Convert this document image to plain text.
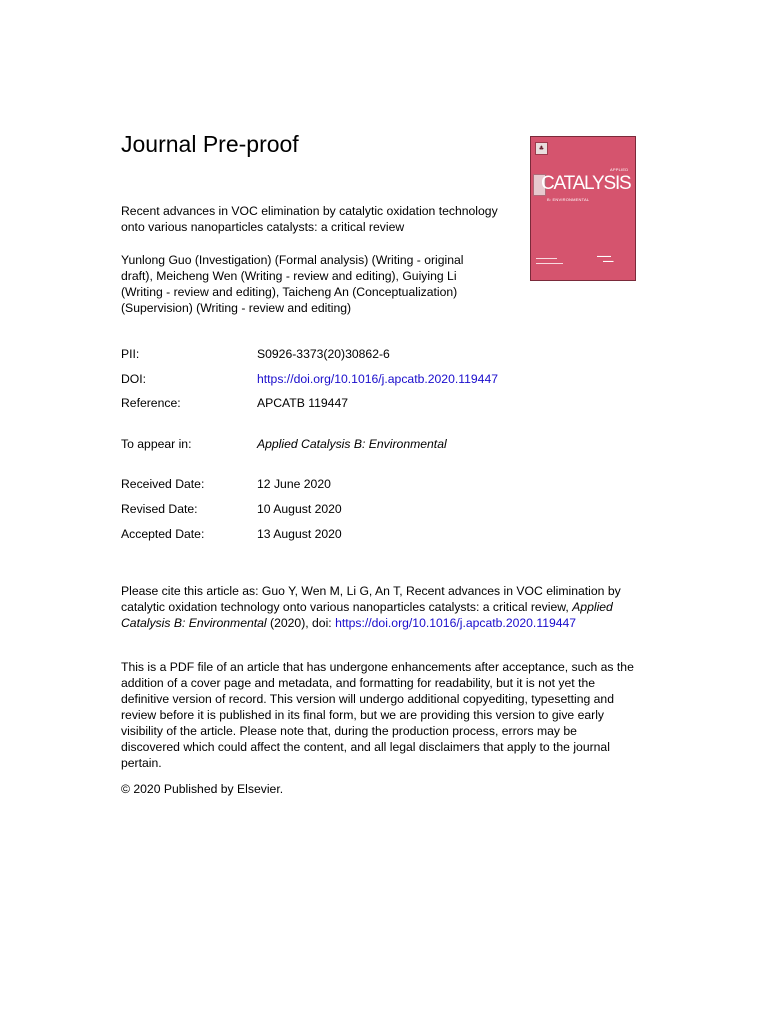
Journal Pre-proof	♣
APPLIED
CATALYSIS
B: ENVIRONMENTAL
▬▬▬▬▬▬▬
▬▬▬▬▬▬▬▬▬
▬▬▬▬
▬▬▬
Recent advances in VOC elimination by catalytic oxidation technology onto various nanoparticles catalysts: a critical review
Yunlong Guo (Investigation) (Formal analysis) (Writing - original draft), Meicheng Wen (Writing - review and editing), Guiying Li (Writing - review and editing), Taicheng An (Conceptualization) (Supervision) (Writing - review and editing)
PII:	S0926-3373(20)30862-6
DOI:	https://doi.org/10.1016/j.apcatb.2020.119447
Reference:	APCATB 119447
To appear in:	Applied Catalysis B: Environmental
Received Date:	12 June 2020
Revised Date:	10 August 2020
Accepted Date:	13 August 2020
Please cite this article as: Guo Y, Wen M, Li G, An T, Recent advances in VOC elimination by catalytic oxidation technology onto various nanoparticles catalysts: a critical review, Applied Catalysis B: Environmental (2020), doi: https://doi.org/10.1016/j.apcatb.2020.119447
This is a PDF file of an article that has undergone enhancements after acceptance, such as the addition of a cover page and metadata, and formatting for readability, but it is not yet the definitive version of record. This version will undergo additional copyediting, typesetting and review before it is published in its final form, but we are providing this version to give early visibility of the article. Please note that, during the production process, errors may be discovered which could affect the content, and all legal disclaimers that apply to the journal pertain.
© 2020 Published by Elsevier.
